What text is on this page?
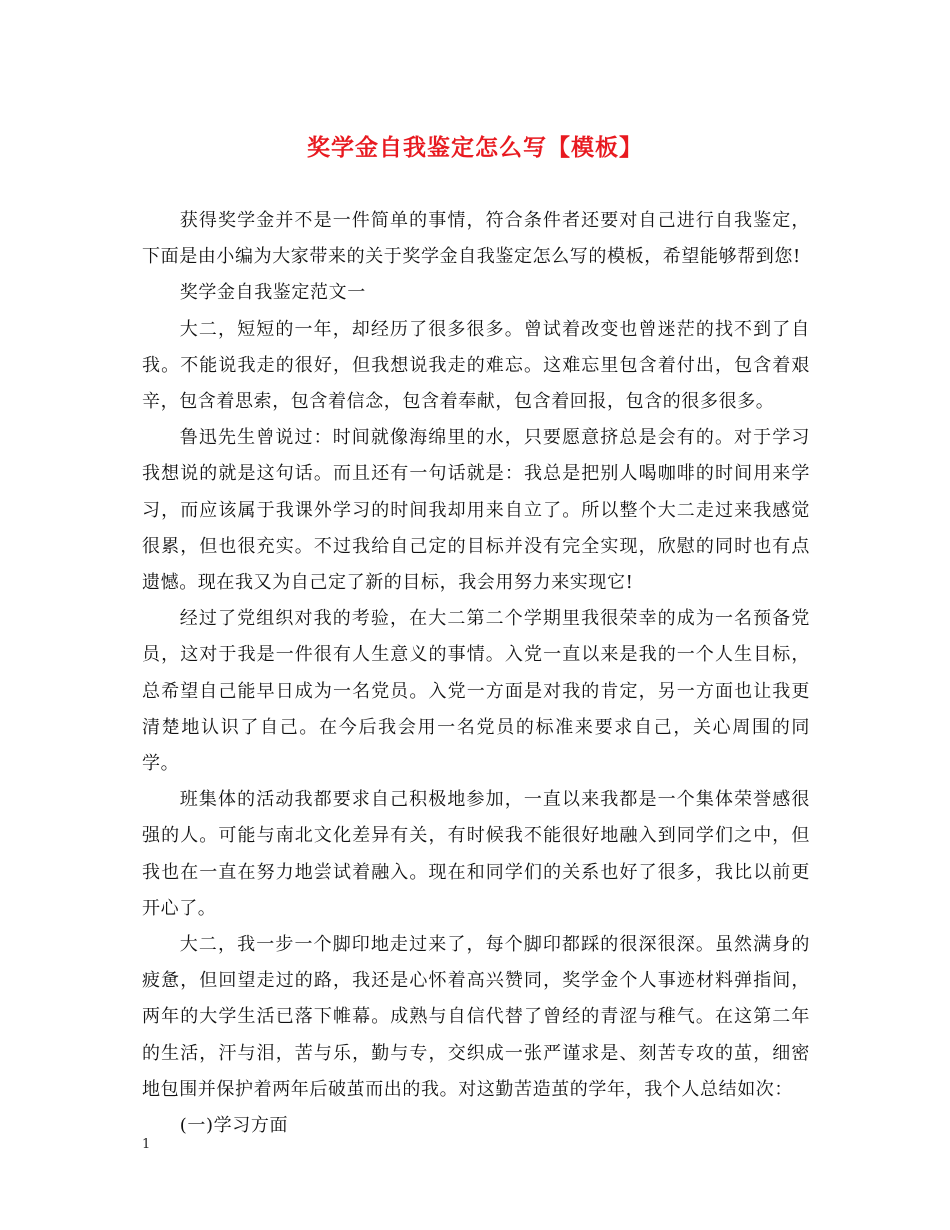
奖学金自我鉴定怎么写【模板】

获得奖学金并不是一件简单的事情，符合条件者还要对自己进行自我鉴定，下面是由小编为大家带来的关于奖学金自我鉴定怎么写的模板，希望能够帮到您!

奖学金自我鉴定范文一

大二，短短的一年，却经历了很多很多。曾试着改变也曾迷茫的找不到了自我。不能说我走的很好，但我想说我走的难忘。这难忘里包含着付出，包含着艰辛，包含着思索，包含着信念，包含着奉献，包含着回报，包含的很多很多。

鲁迅先生曾说过：时间就像海绵里的水，只要愿意挤总是会有的。对于学习我想说的就是这句话。而且还有一句话就是：我总是把别人喝咖啡的时间用来学习，而应该属于我课外学习的时间我却用来自立了。所以整个大二走过来我感觉很累，但也很充实。不过我给自己定的目标并没有完全实现，欣慰的同时也有点遗憾。现在我又为自己定了新的目标，我会用努力来实现它!

经过了党组织对我的考验，在大二第二个学期里我很荣幸的成为一名预备党员，这对于我是一件很有人生意义的事情。入党一直以来是我的一个人生目标，总希望自己能早日成为一名党员。入党一方面是对我的肯定，另一方面也让我更清楚地认识了自己。在今后我会用一名党员的标准来要求自己，关心周围的同学。

班集体的活动我都要求自己积极地参加，一直以来我都是一个集体荣誉感很强的人。可能与南北文化差异有关，有时候我不能很好地融入到同学们之中，但我也在一直在努力地尝试着融入。现在和同学们的关系也好了很多，我比以前更开心了。

大二，我一步一个脚印地走过来了，每个脚印都踩的很深很深。虽然满身的疲惫，但回望走过的路，我还是心怀着高兴赞同，奖学金个人事迹材料弹指间，两年的大学生活已落下帷幕。成熟与自信代替了曾经的青涩与稚气。在这第二年的生活，汗与泪，苦与乐，勤与专，交织成一张严谨求是、刻苦专攻的茧，细密地包围并保护着两年后破茧而出的我。对这勤苦造茧的学年，我个人总结如次：

(一)学习方面

1
